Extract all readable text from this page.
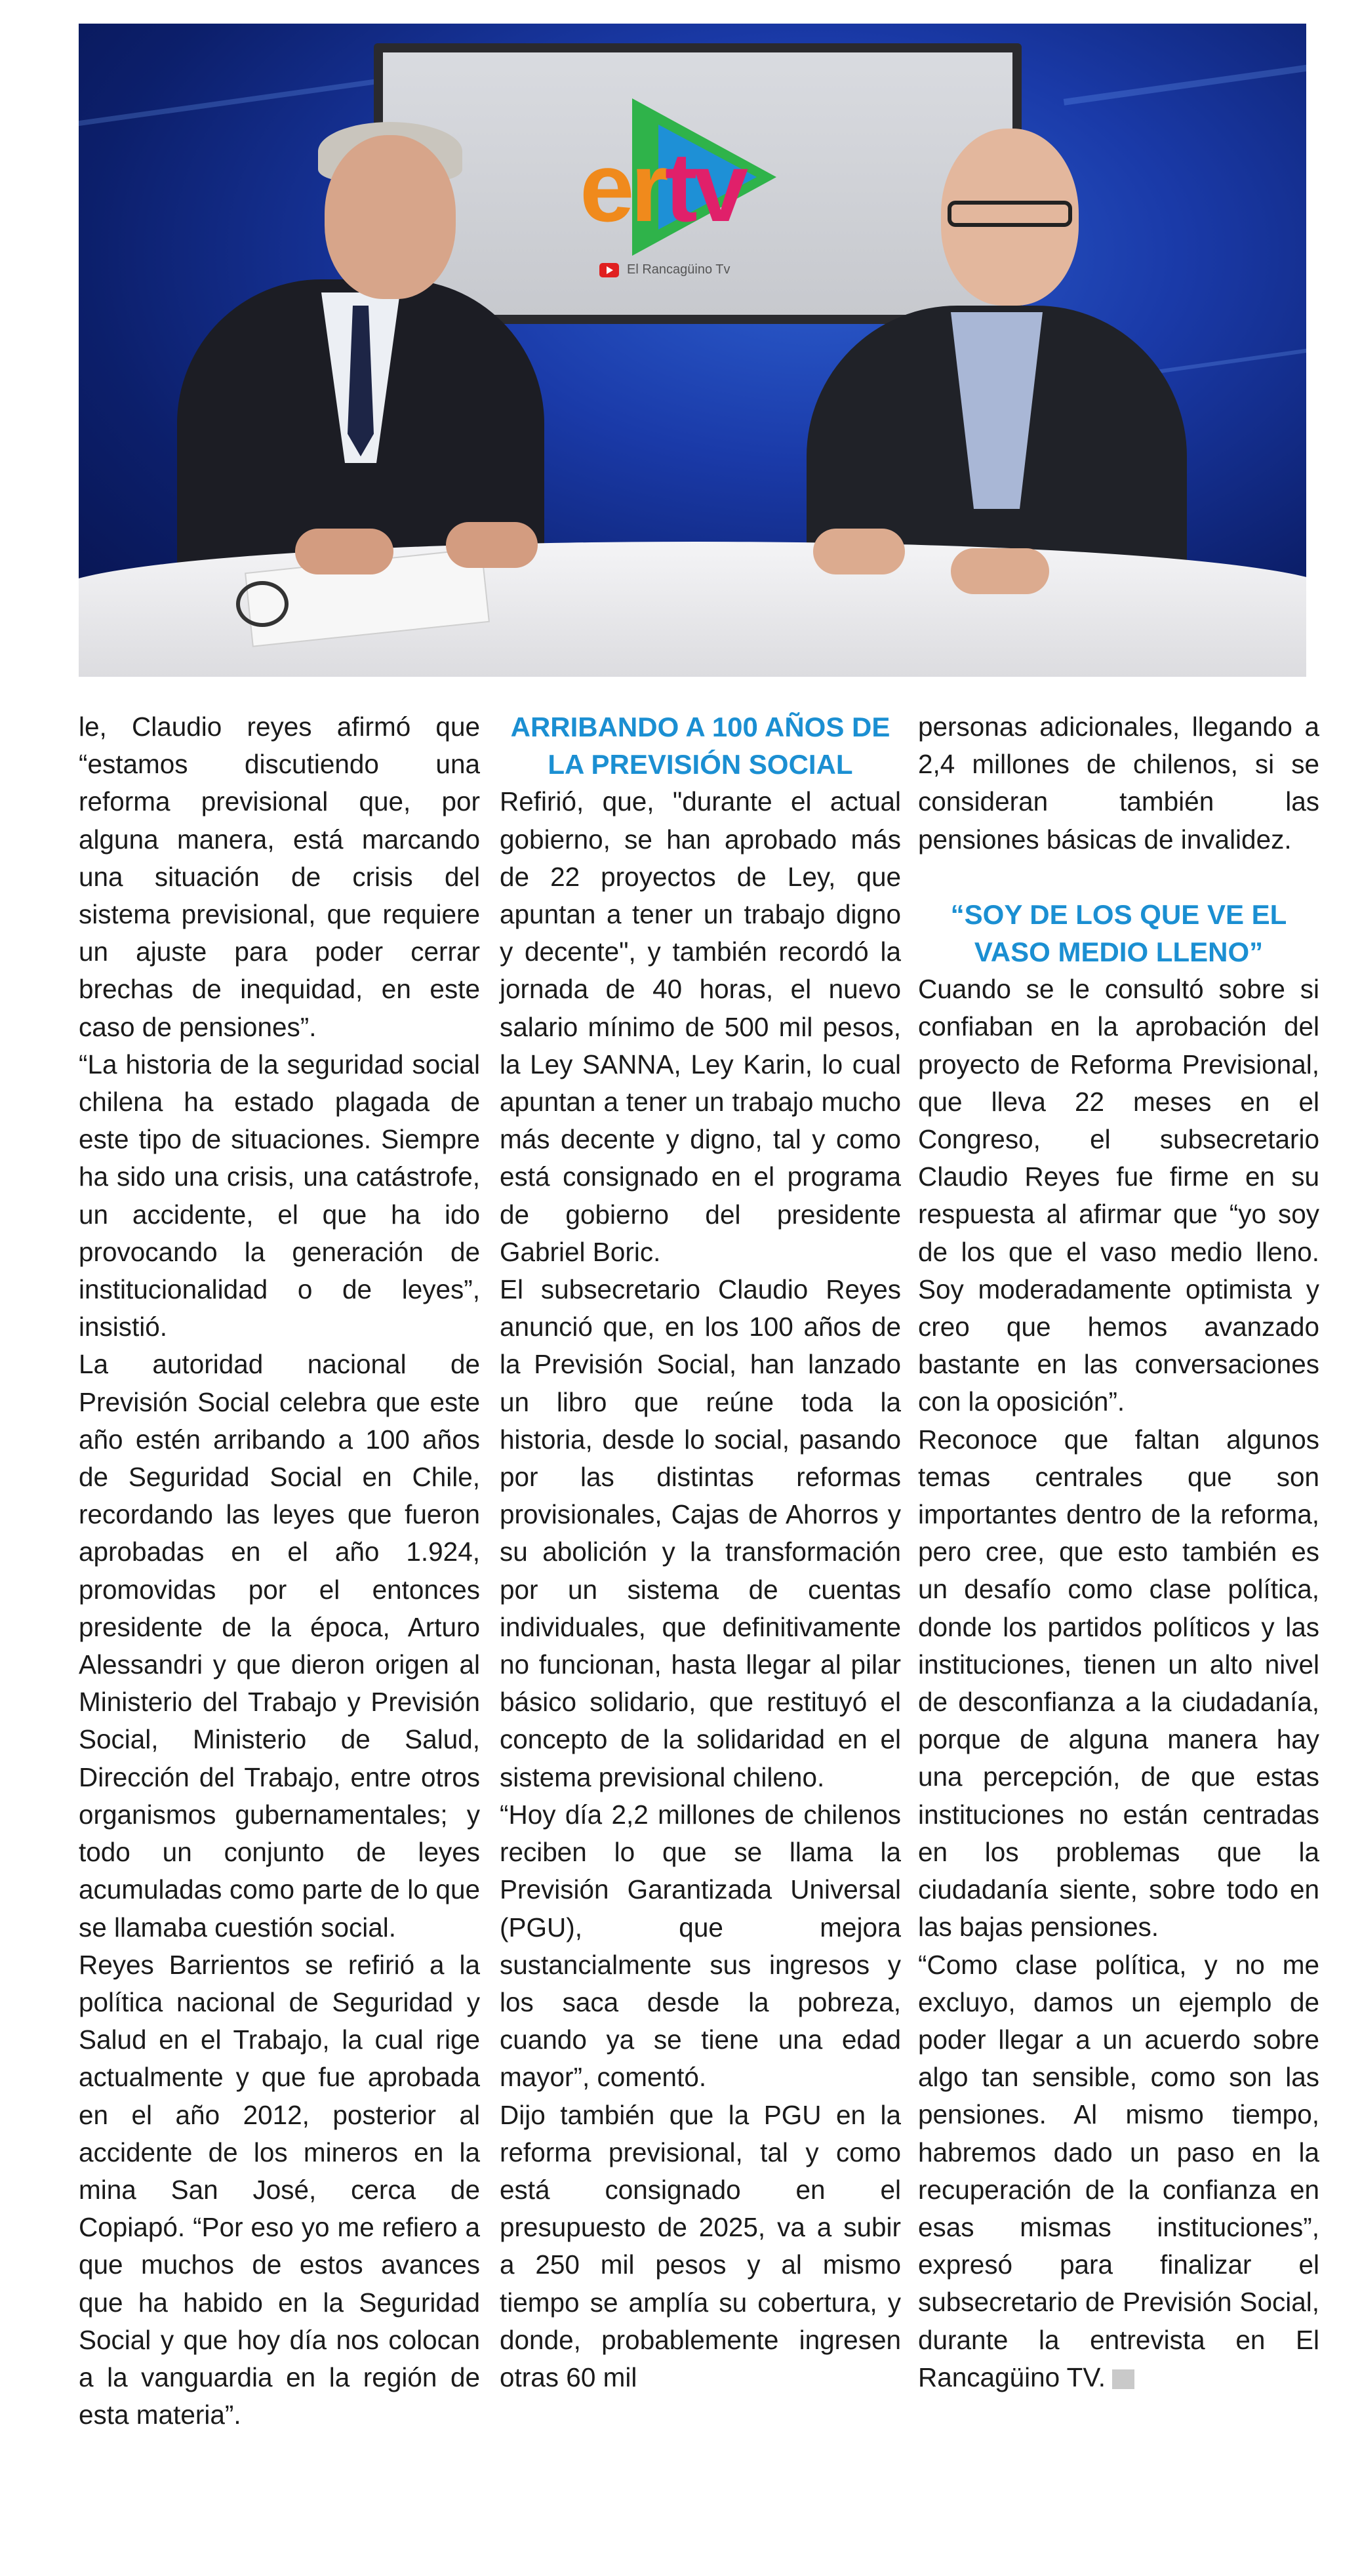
ertv
El Rancagüino Tv

le, Claudio reyes afirmó que “estamos discutiendo una reforma previsional que, por alguna manera, está marcando una situación de crisis del sistema previsional, que requiere un ajuste para poder cerrar brechas de inequidad, en este caso de pensiones”.

“La historia de la seguridad social chilena ha estado plagada de este tipo de situaciones. Siempre ha sido una crisis, una catástrofe, un accidente, el que ha ido provocando la generación de institucionalidad o de leyes”, insistió.

La autoridad nacional de Previsión Social celebra que este año estén arribando a 100 años de Seguridad Social en Chile, recordando las leyes que fueron aprobadas en el año 1.924, promovidas por el entonces presidente de la época, Arturo Alessandri y que dieron origen al Ministerio del Trabajo y Previsión Social, Ministerio de Salud, Dirección del Trabajo, entre otros organismos gubernamentales; y todo un conjunto de leyes acumuladas como parte de lo que se llamaba cuestión social.

Reyes Barrientos se refirió a la política nacional de Seguridad y Salud en el Trabajo, la cual rige actualmente y que fue aprobada en el año 2012, posterior al accidente de los mineros en la mina San José, cerca de Copiapó. “Por eso yo me refiero a que muchos de estos avances que ha habido en la Seguridad Social y que hoy día nos colocan a la vanguardia en la región de esta materia”.

ARRIBANDO A 100 AÑOS DE LA PREVISIÓN SOCIAL

Refirió, que, "durante el actual gobierno, se han aprobado más de 22 proyectos de Ley, que apuntan a tener un trabajo digno y decente", y también recordó la jornada de 40 horas, el nuevo salario mínimo de 500 mil pesos, la Ley SANNA, Ley Karin, lo cual apuntan a tener un trabajo mucho más decente y digno, tal y como está consignado en el programa de gobierno del presidente Gabriel Boric.

El subsecretario Claudio Reyes anunció que, en los 100 años de la Previsión Social, han lanzado un libro que reúne toda la historia, desde lo social, pasando por las distintas reformas provisionales, Cajas de Ahorros y su abolición y la transformación por un sistema de cuentas individuales, que definitivamente no funcionan, hasta llegar al pilar básico solidario, que restituyó el concepto de la solidaridad en el sistema previsional chileno.

“Hoy día 2,2 millones de chilenos reciben lo que se llama la Previsión Garantizada Universal (PGU), que mejora sustancialmente sus ingresos y los saca desde la pobreza, cuando ya se tiene una edad mayor”, comentó.

Dijo también que la PGU en la reforma previsional, tal y como está consignado en el presupuesto de 2025, va a subir a 250 mil pesos y al mismo tiempo se amplía su cobertura, y donde, probablemente ingresen otras 60 mil

personas adicionales, llegando a 2,4 millones de chilenos, si se consideran también las pensiones básicas de invalidez.

“SOY DE LOS QUE VE EL VASO MEDIO LLENO”

Cuando se le consultó sobre si confiaban en la aprobación del proyecto de Reforma Previsional, que lleva 22 meses en el Congreso, el subsecretario Claudio Reyes fue firme en su respuesta al afirmar que “yo soy de los que el vaso medio lleno. Soy moderadamente optimista y creo que hemos avanzado bastante en las conversaciones con la oposición”.

Reconoce que faltan algunos temas centrales que son importantes dentro de la reforma, pero cree, que esto también es un desafío como clase política, donde los partidos políticos y las instituciones, tienen un alto nivel de desconfianza a la ciudadanía, porque de alguna manera hay una percepción, de que estas instituciones no están centradas en los problemas que la ciudadanía siente, sobre todo en las bajas pensiones.

“Como clase política, y no me excluyo, damos un ejemplo de poder llegar a un acuerdo sobre algo tan sensible, como son las pensiones. Al mismo tiempo, habremos dado un paso en la recuperación de la confianza en esas mismas instituciones”, expresó para finalizar el subsecretario de Previsión Social, durante la entrevista en El Rancagüino TV.
